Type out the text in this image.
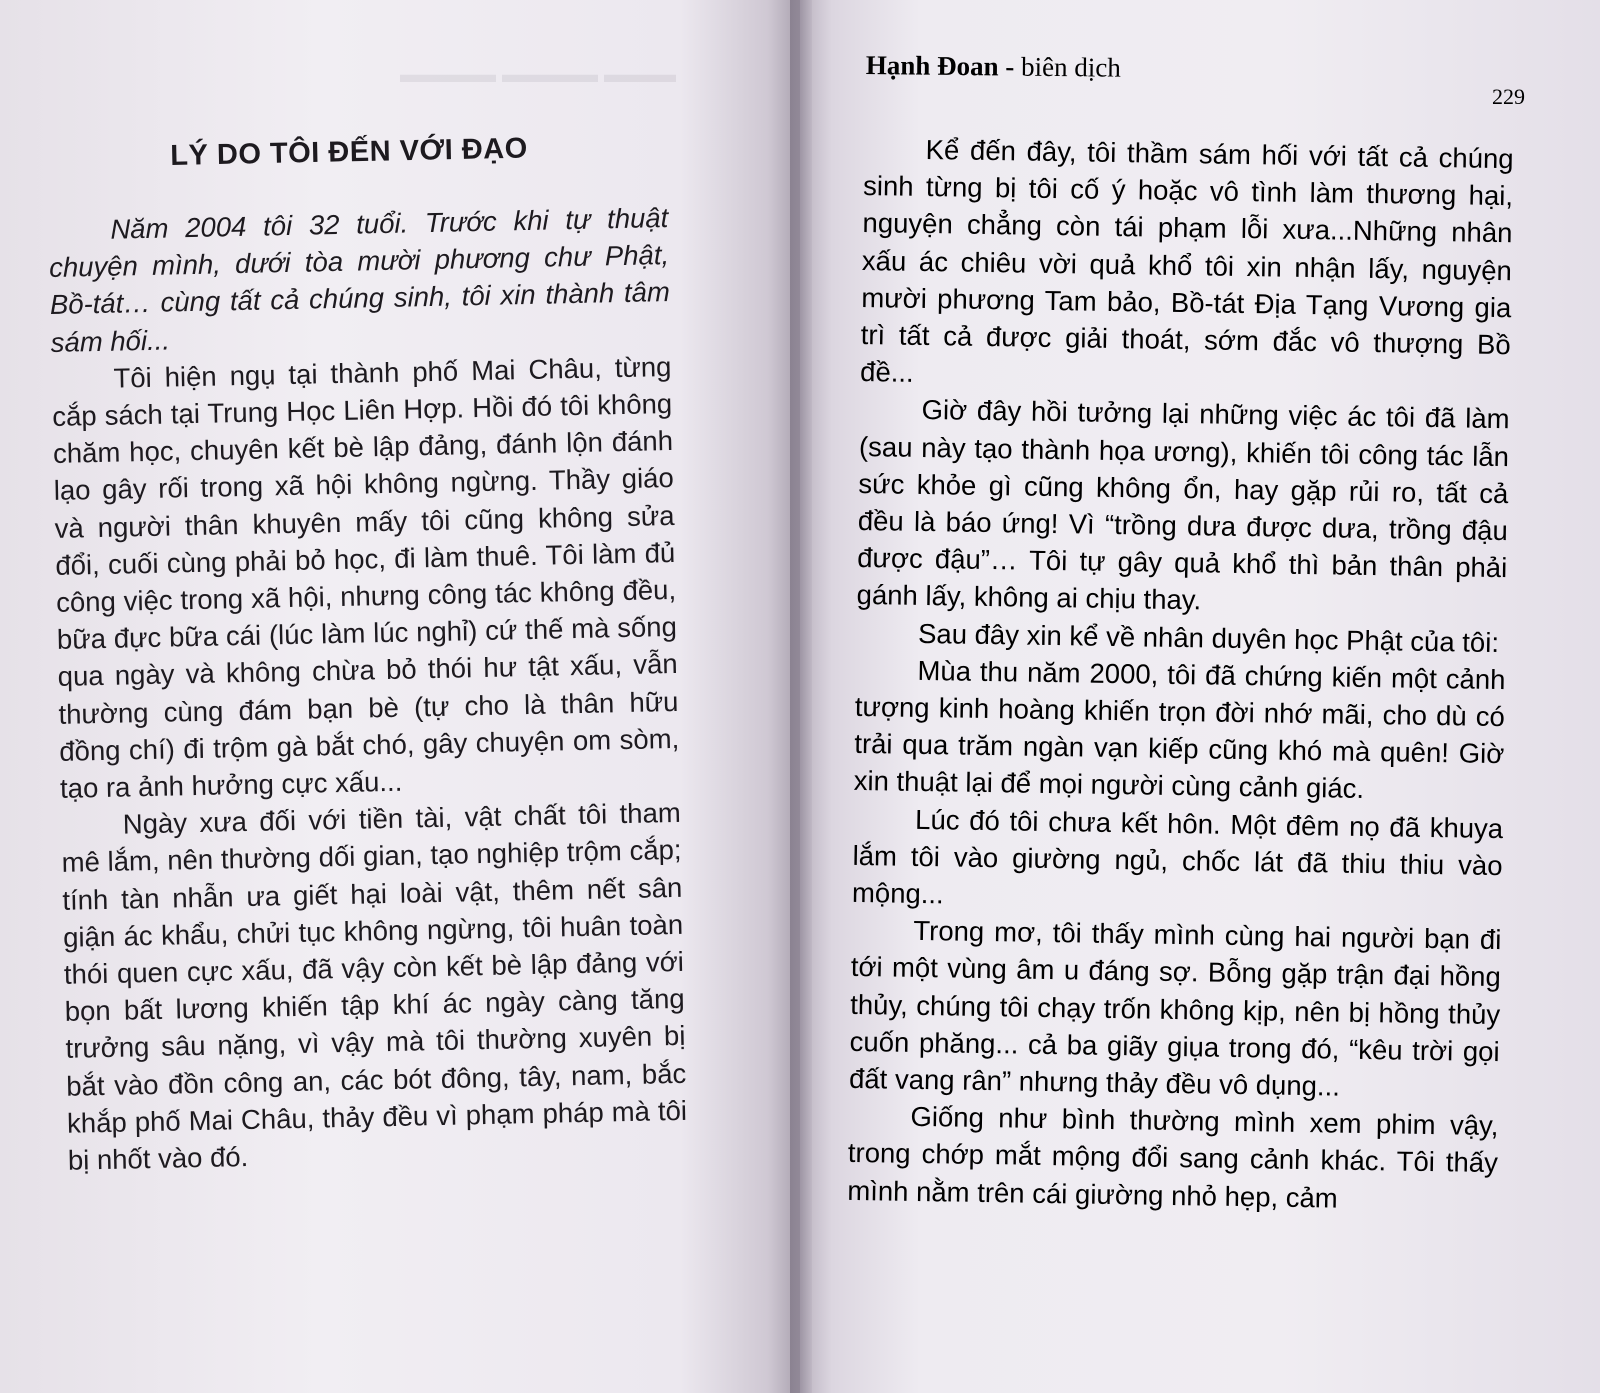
▬▬▬ ▬▬▬▬ ▬▬▬▬
LÝ DO TÔI ĐẾN VỚI ĐẠO

Năm 2004 tôi 32 tuổi. Trước khi tự thuật chuyện mình, dưới tòa mười phương chư Phật, Bồ-tát… cùng tất cả chúng sinh, tôi xin thành tâm sám hối...

Tôi hiện ngụ tại thành phố Mai Châu, từng cắp sách tại Trung Học Liên Hợp. Hồi đó tôi không chăm học, chuyên kết bè lập đảng, đánh lộn đánh lạo gây rối trong xã hội không ngừng. Thầy giáo và người thân khuyên mấy tôi cũng không sửa đổi, cuối cùng phải bỏ học, đi làm thuê. Tôi làm đủ công việc trong xã hội, nhưng công tác không đều, bữa đực bữa cái (lúc làm lúc nghỉ) cứ thế mà sống qua ngày và không chừa bỏ thói hư tật xấu, vẫn thường cùng đám bạn bè (tự cho là thân hữu đồng chí) đi trộm gà bắt chó, gây chuyện om sòm, tạo ra ảnh hưởng cực xấu...

Ngày xưa đối với tiền tài, vật chất tôi tham mê lắm, nên thường dối gian, tạo nghiệp trộm cắp; tính tàn nhẫn ưa giết hại loài vật, thêm nết sân giận ác khẩu, chửi tục không ngừng, tôi huân toàn thói quen cực xấu, đã vậy còn kết bè lập đảng với bọn bất lương khiến tập khí ác ngày càng tăng trưởng sâu nặng, vì vậy mà tôi thường xuyên bị bắt vào đồn công an, các bót đông, tây, nam, bắc khắp phố Mai Châu, thảy đều vì phạm pháp mà tôi bị nhốt vào đó.

Hạnh Đoan - biên dịch
229

Kể đến đây, tôi thầm sám hối với tất cả chúng sinh từng bị tôi cố ý hoặc vô tình làm thương hại, nguyện chẳng còn tái phạm lỗi xưa...Những nhân xấu ác chiêu vời quả khổ tôi xin nhận lấy, nguyện mười phương Tam bảo, Bồ-tát Địa Tạng Vương gia trì tất cả được giải thoát, sớm đắc vô thượng Bồ đề...

Giờ đây hồi tưởng lại những việc ác tôi đã làm (sau này tạo thành họa ương), khiến tôi công tác lẫn sức khỏe gì cũng không ổn, hay gặp rủi ro, tất cả đều là báo ứng! Vì “trồng dưa được dưa, trồng đậu được đậu”… Tôi tự gây quả khổ thì bản thân phải gánh lấy, không ai chịu thay.

Sau đây xin kể về nhân duyên học Phật của tôi:

Mùa thu năm 2000, tôi đã chứng kiến một cảnh tượng kinh hoàng khiến trọn đời nhớ mãi, cho dù có trải qua trăm ngàn vạn kiếp cũng khó mà quên! Giờ xin thuật lại để mọi người cùng cảnh giác.

Lúc đó tôi chưa kết hôn. Một đêm nọ đã khuya lắm tôi vào giường ngủ, chốc lát đã thiu thiu vào mộng...

Trong mơ, tôi thấy mình cùng hai người bạn đi tới một vùng âm u đáng sợ. Bỗng gặp trận đại hồng thủy, chúng tôi chạy trốn không kịp, nên bị hồng thủy cuốn phăng... cả ba giãy giụa trong đó, “kêu trời gọi đất vang rân” nhưng thảy đều vô dụng...

Giống như bình thường mình xem phim vậy, trong chớp mắt mộng đổi sang cảnh khác. Tôi thấy mình nằm trên cái giường nhỏ hẹp, cảm
